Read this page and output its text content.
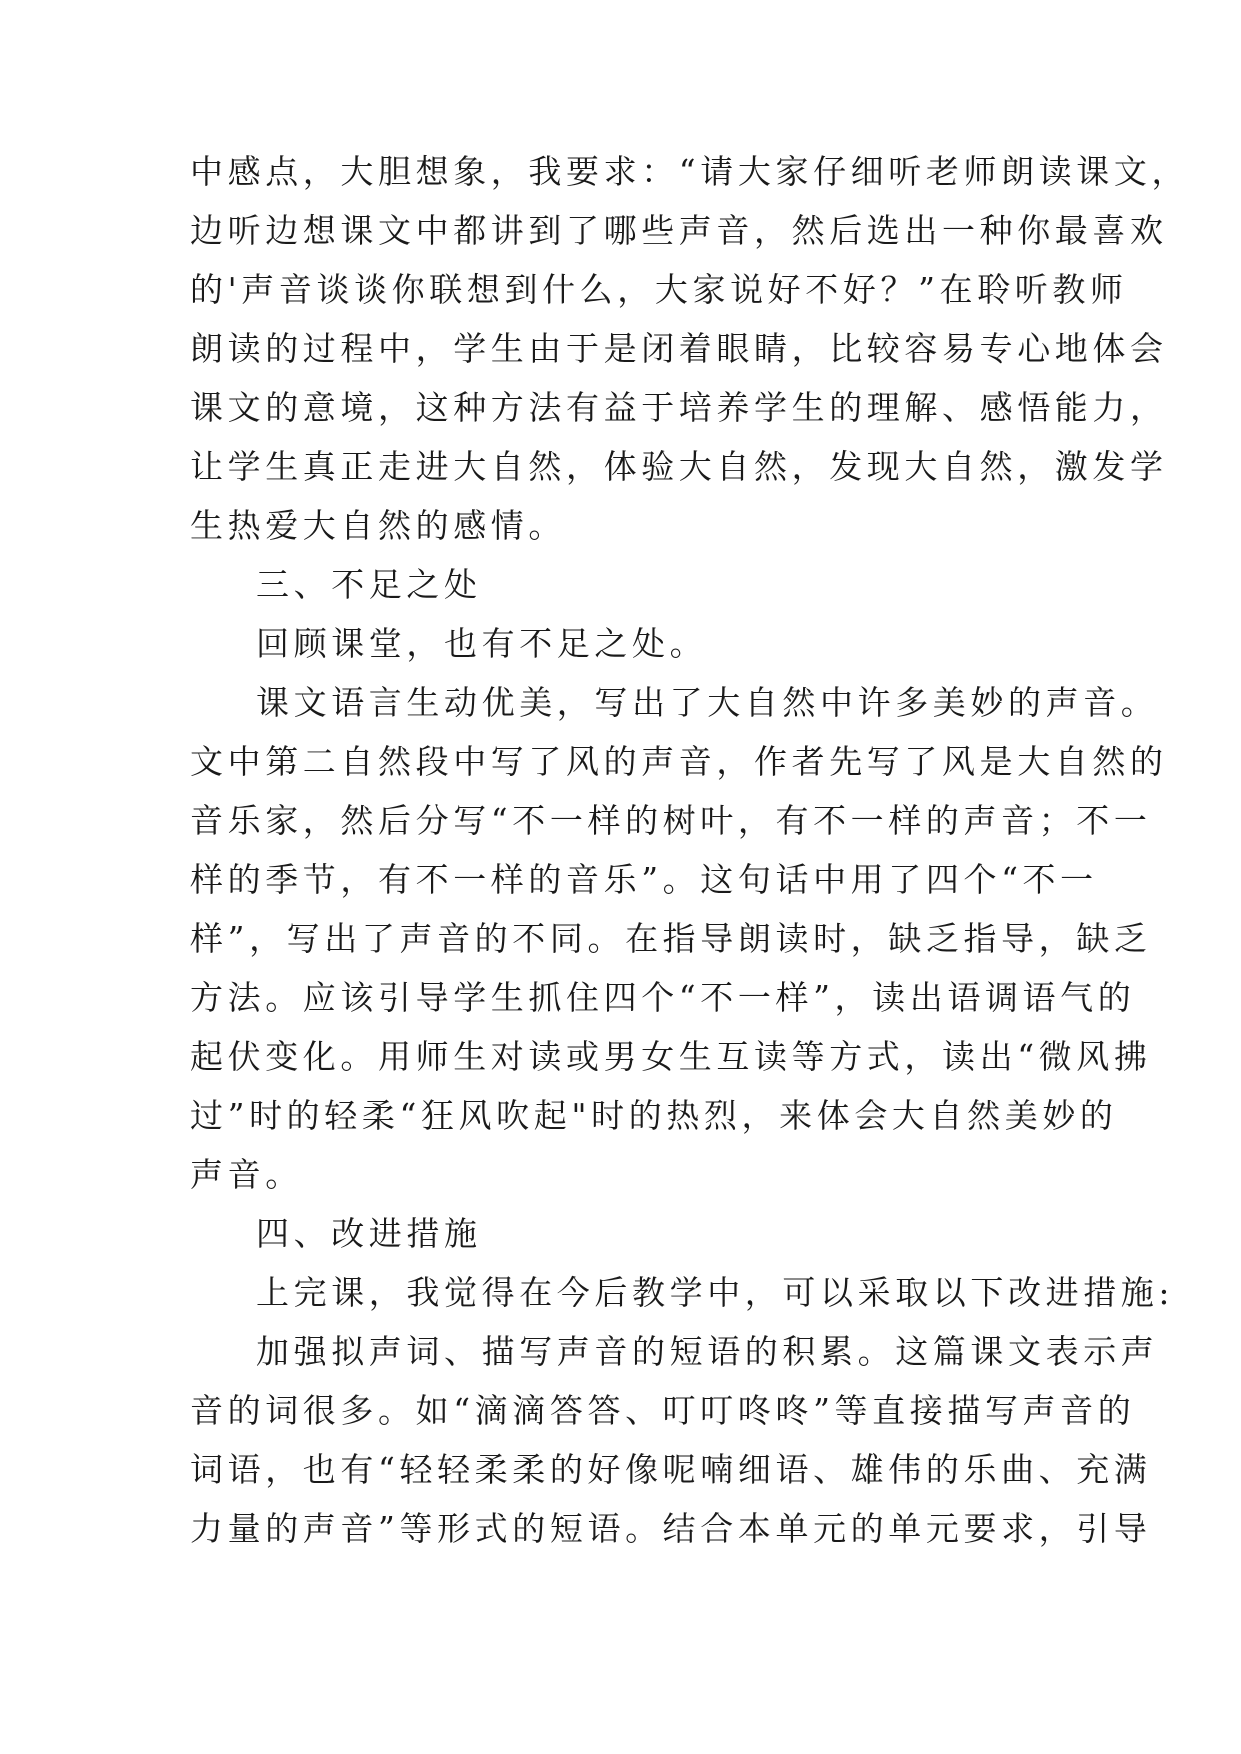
中感点，大胆想象，我要求：“请大家仔细听老师朗读课文，
边听边想课文中都讲到了哪些声音，然后选出一种你最喜欢
的'声音谈谈你联想到什么，大家说好不好？”在聆听教师
朗读的过程中，学生由于是闭着眼睛，比较容易专心地体会
课文的意境，这种方法有益于培养学生的理解、感悟能力，
让学生真正走进大自然，体验大自然，发现大自然，激发学
生热爱大自然的感情。
三、不足之处
回顾课堂，也有不足之处。
课文语言生动优美，写出了大自然中许多美妙的声音。
文中第二自然段中写了风的声音，作者先写了风是大自然的
音乐家，然后分写“不一样的树叶，有不一样的声音；不一
样的季节，有不一样的音乐”。这句话中用了四个“不一
样”，写出了声音的不同。在指导朗读时，缺乏指导，缺乏
方法。应该引导学生抓住四个“不一样”，读出语调语气的
起伏变化。用师生对读或男女生互读等方式，读出“微风拂
过”时的轻柔“狂风吹起"时的热烈，来体会大自然美妙的
声音。
四、改进措施
上完课，我觉得在今后教学中，可以采取以下改进措施:
加强拟声词、描写声音的短语的积累。这篇课文表示声
音的词很多。如“滴滴答答、叮叮咚咚”等直接描写声音的
词语，也有“轻轻柔柔的好像呢喃细语、雄伟的乐曲、充满
力量的声音”等形式的短语。结合本单元的单元要求，引导
